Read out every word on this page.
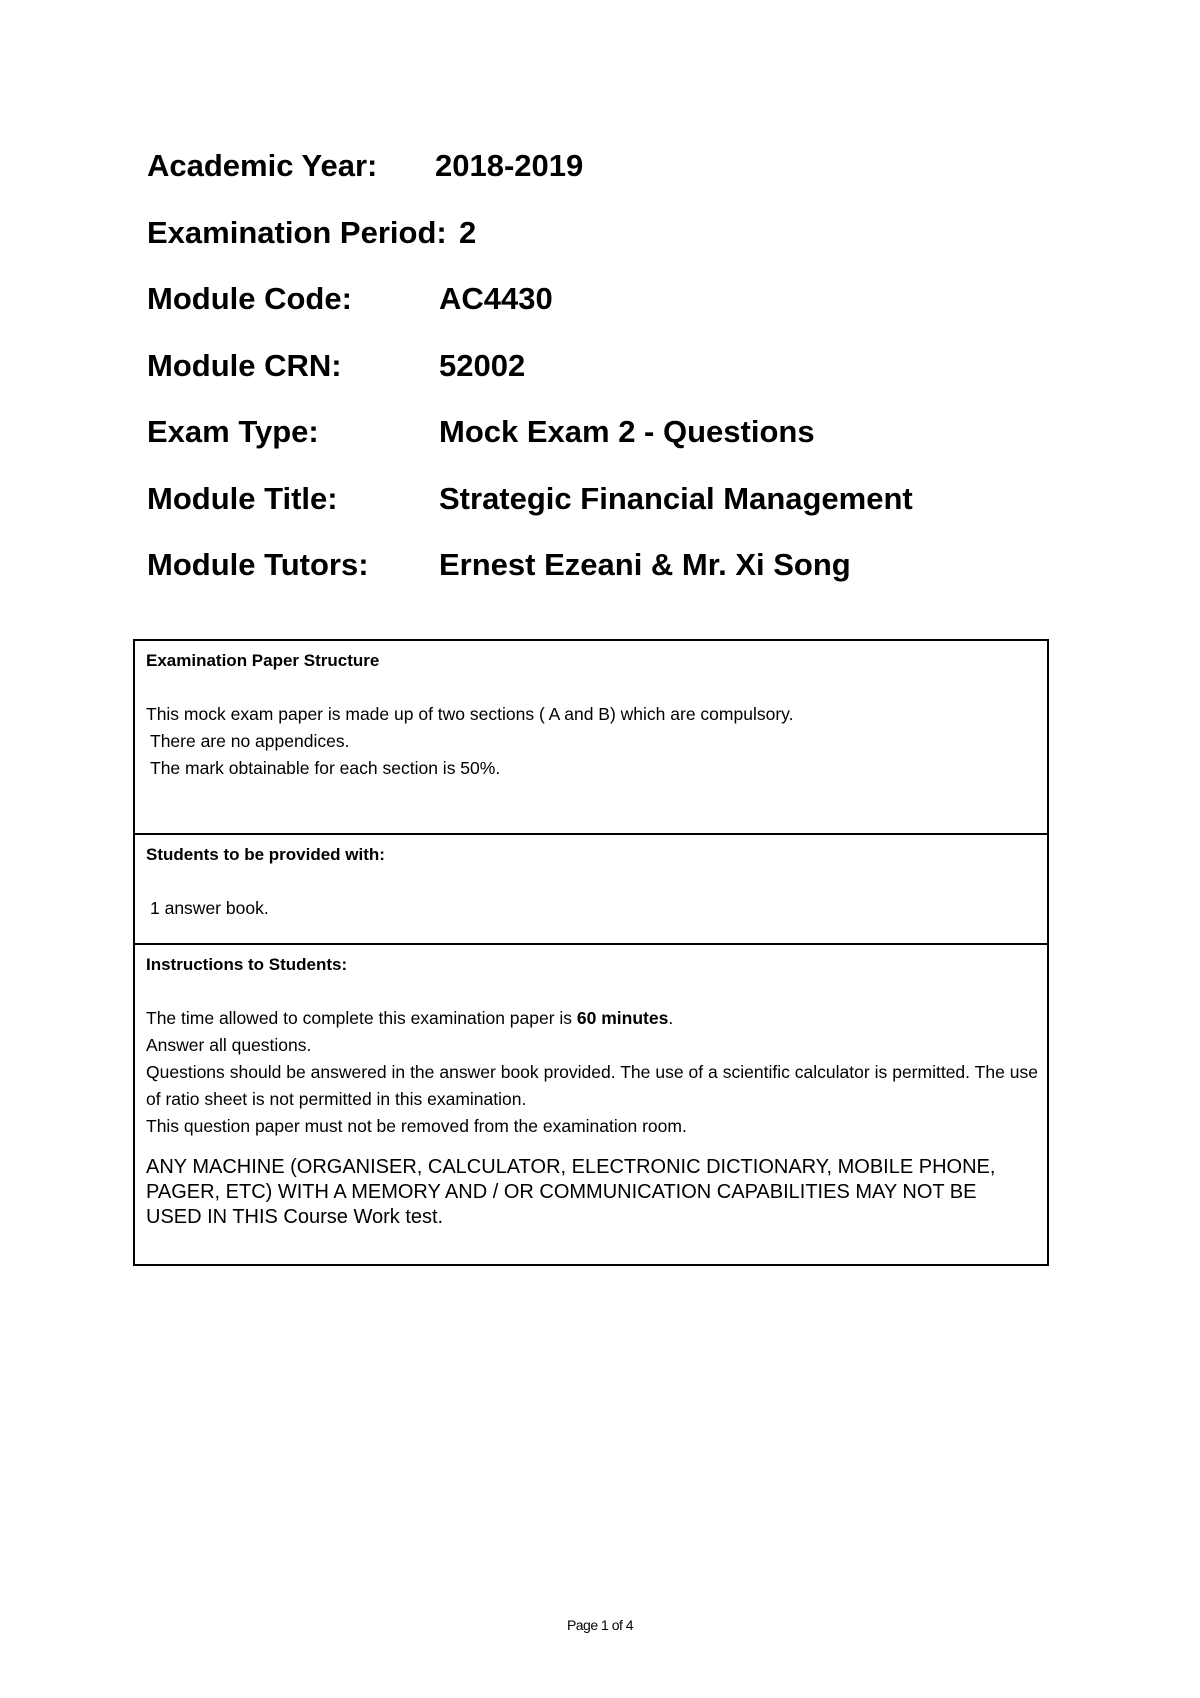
Academic Year: 2018-2019
Examination Period: 2
Module Code:	AC4430
Module CRN:	52002
Exam Type:	Mock Exam 2 - Questions
Module Title:	Strategic Financial Management
Module Tutors: Ernest Ezeani & Mr. Xi Song
Examination Paper Structure
This mock exam paper is made up of two sections ( A and B) which are compulsory.
There are no appendices.
The mark obtainable for each section is 50%.
Students to be provided with:
1 answer book.
Instructions to Students:
The time allowed to complete this examination paper is 60 minutes.
Answer all questions.
Questions should be answered in the answer book provided. The use of a scientific calculator is permitted. The use of ratio sheet is not permitted in this examination.
This question paper must not be removed from the examination room.
ANY MACHINE (ORGANISER, CALCULATOR, ELECTRONIC DICTIONARY, MOBILE PHONE, PAGER, ETC) WITH A MEMORY AND / OR COMMUNICATION CAPABILITIES MAY NOT BE USED IN THIS Course Work test.
Page 1 of 4
